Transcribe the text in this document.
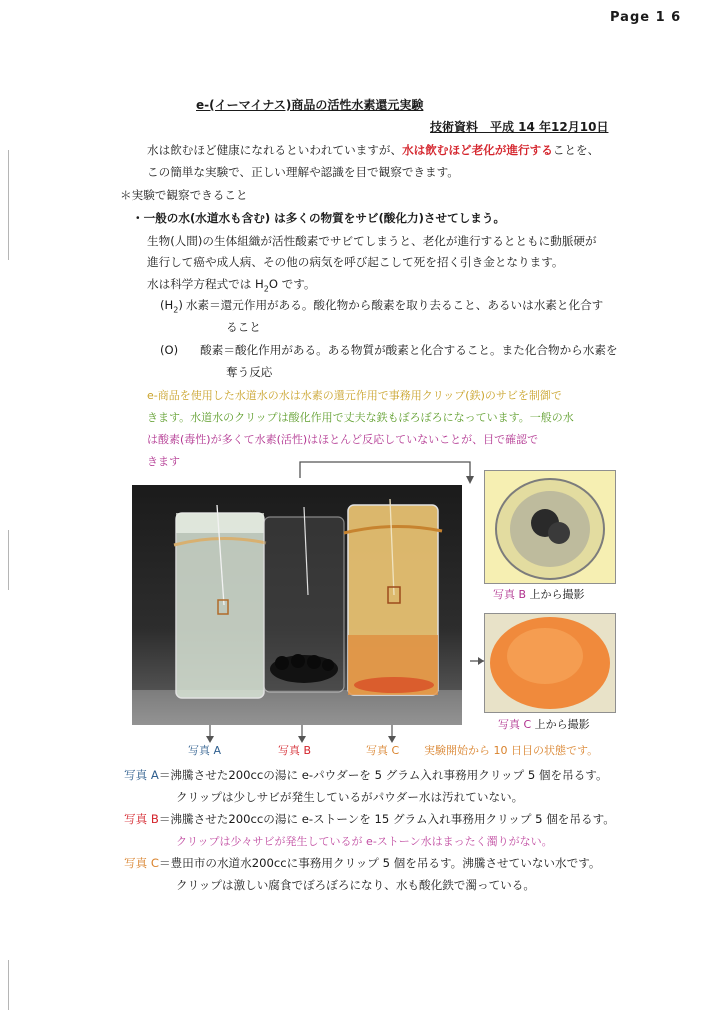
Page 1 6
e-(イーマイナス)商品の活性水素還元実験
技術資料　平成 14 年12月10日
水は飲むほど健康になれるといわれていますが、水は飲むほど老化が進行することを、
この簡単な実験で、正しい理解や認識を目で観察できます。
＊実験で観察できること
・一般の水(水道水も含む) は多くの物質をサビ(酸化力)させてしまう。
生物(人間)の生体組織が活性酸素でサビてしまうと、老化が進行するとともに動脈硬が
進行して癌や成人病、その他の病気を呼び起こして死を招く引き金となります。
水は科学方程式では $H_2O$ です。
$(H_2)$ 水素＝還元作用がある。酸化物から酸素を取り去ること、あるいは水素と化合す
ること
(O) 酸素＝酸化作用がある。ある物質が酸素と化合すること。また化合物から水素を
奪う反応
e-商品を使用した水道水の水は水素の還元作用で事務用クリップ(鉄)のサビを制御で
きます。水道水のクリップは酸化作用で丈夫な鉄もぼろぼろになっています。一般の水
は酸素(毒性)が多くて水素(活性)はほとんど反応していないことが、目で確認で
きます
写真 B 上から撮影
写真 C 上から撮影
写真 A	写真 B	写真 C 実験開始から 10 日目の状態です。
写真 A＝沸騰させた200ccの湯に e-パウダーを 5 グラム入れ事務用クリップ 5 個を吊るす。
クリップは少しサビが発生しているがパウダー水は汚れていない。
写真 B＝沸騰させた200ccの湯に e-ストーンを 15 グラム入れ事務用クリップ 5 個を吊るす。
クリップは少々サビが発生しているが e-ストーン水はまったく濁りがない。
写真 C＝豊田市の水道水200ccに事務用クリップ 5 個を吊るす。沸騰させていない水です。
クリップは激しい腐食でぼろぼろになり、水も酸化鉄で濁っている。
